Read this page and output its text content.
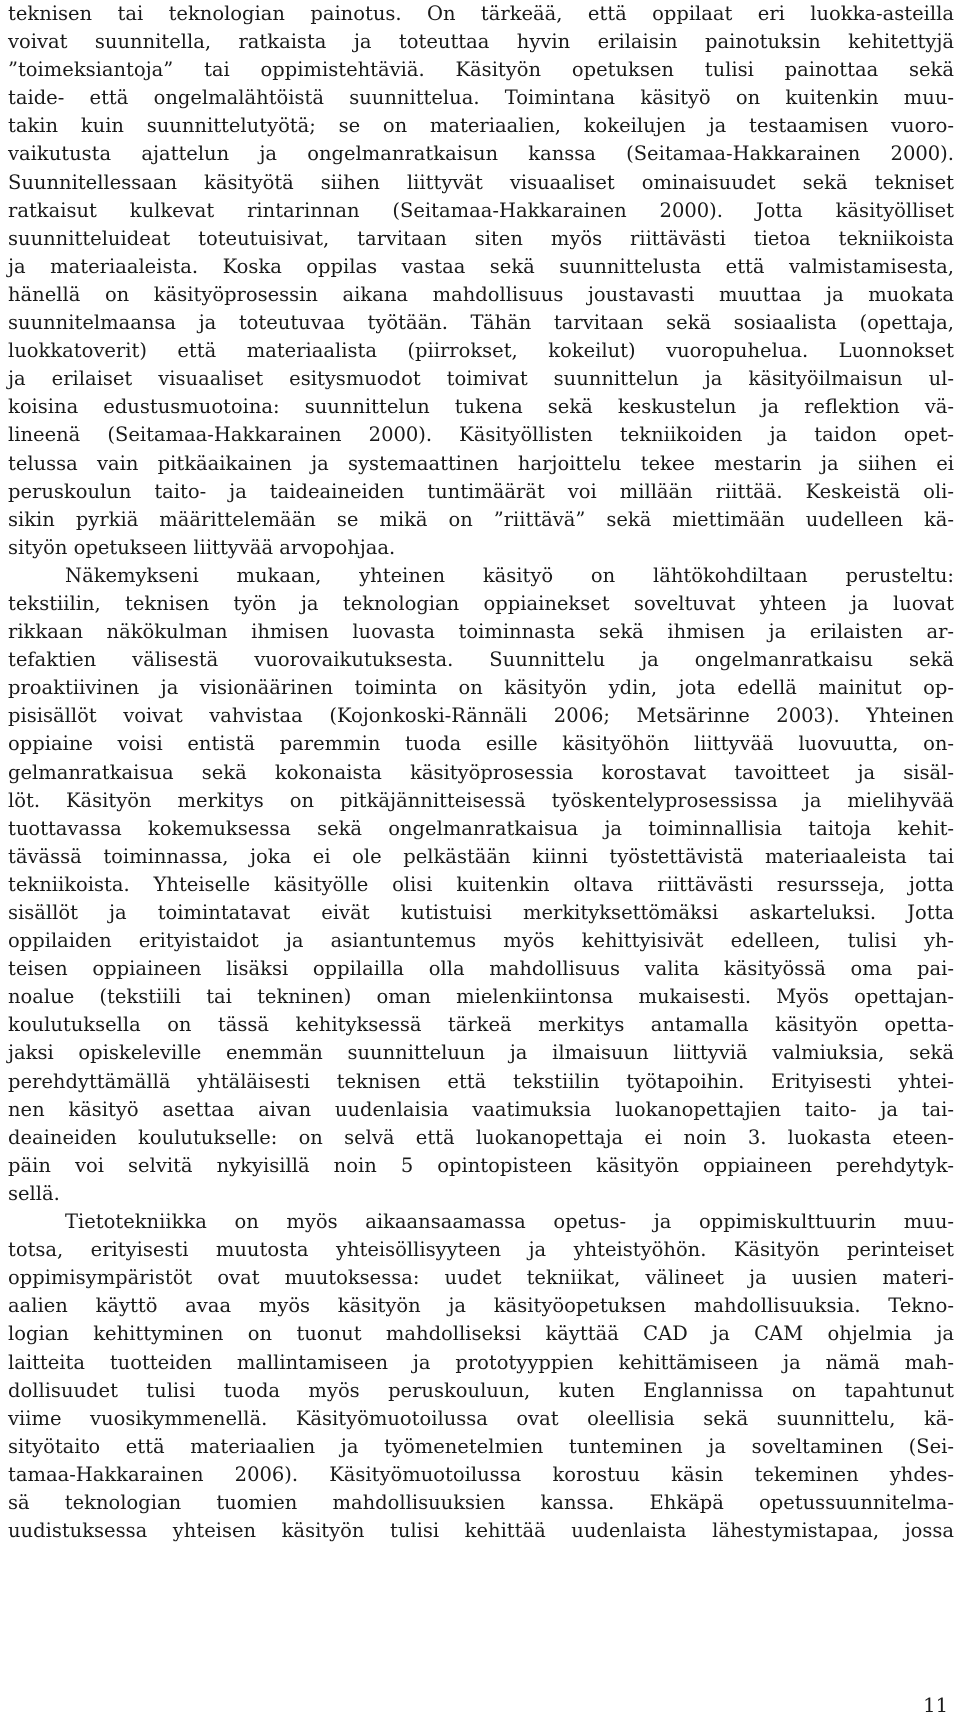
teknisen tai teknologian painotus. On tärkeää, että oppilaat eri luokka-asteilla
voivat suunnitella, ratkaista ja toteuttaa hyvin erilaisin painotuksin kehitettyjä
”toimeksiantoja” tai oppimistehtäviä. Käsityön opetuksen tulisi painottaa sekä
taide- että ongelmalähtöistä suunnittelua. Toimintana käsityö on kuitenkin muu-
takin kuin suunnittelutyötä; se on materiaalien, kokeilujen ja testaamisen vuoro-
vaikutusta ajattelun ja ongelmanratkaisun kanssa (Seitamaa-Hakkarainen 2000).
Suunnitellessaan käsityötä siihen liittyvät visuaaliset ominaisuudet sekä tekniset
ratkaisut kulkevat rintarinnan (Seitamaa-Hakkarainen 2000). Jotta käsityölliset
suunnitteluideat toteutuisivat, tarvitaan siten myös riittävästi tietoa tekniikoista
ja materiaaleista. Koska oppilas vastaa sekä suunnittelusta että valmistamisesta,
hänellä on käsityöprosessin aikana mahdollisuus joustavasti muuttaa ja muokata
suunnitelmaansa ja toteutuvaa työtään. Tähän tarvitaan sekä sosiaalista (opettaja,
luokkatoverit) että materiaalista (piirrokset, kokeilut) vuoropuhelua. Luonnokset
ja erilaiset visuaaliset esitysmuodot toimivat suunnittelun ja käsityöilmaisun ul-
koisina edustusmuotoina: suunnittelun tukena sekä keskustelun ja reflektion vä-
lineenä (Seitamaa-Hakkarainen 2000). Käsityöllisten tekniikoiden ja taidon opet-
telussa vain pitkäaikainen ja systemaattinen harjoittelu tekee mestarin ja siihen ei
peruskoulun taito- ja taideaineiden tuntimäärät voi millään riittää. Keskeistä oli-
sikin pyrkiä määrittelemään se mikä on ”riittävä” sekä miettimään uudelleen kä-
sityön opetukseen liittyvää arvopohjaa.
Näkemykseni mukaan, yhteinen käsityö on lähtökohdiltaan perusteltu:
tekstiilin, teknisen työn ja teknologian oppiainekset soveltuvat yhteen ja luovat
rikkaan näkökulman ihmisen luovasta toiminnasta sekä ihmisen ja erilaisten ar-
tefaktien välisestä vuorovaikutuksesta. Suunnittelu ja ongelmanratkaisu sekä
proaktiivinen ja visionäärinen toiminta on käsityön ydin, jota edellä mainitut op-
pisisällöt voivat vahvistaa (Kojonkoski-Rännäli 2006; Metsärinne 2003). Yhteinen
oppiaine voisi entistä paremmin tuoda esille käsityöhön liittyvää luovuutta, on-
gelmanratkaisua sekä kokonaista käsityöprosessia korostavat tavoitteet ja sisäl-
löt. Käsityön merkitys on pitkäjännitteisessä työskentelyprosessissa ja mielihyvää
tuottavassa kokemuksessa sekä ongelmanratkaisua ja toiminnallisia taitoja kehit-
tävässä toiminnassa, joka ei ole pelkästään kiinni työstettävistä materiaaleista tai
tekniikoista. Yhteiselle käsityölle olisi kuitenkin oltava riittävästi resursseja, jotta
sisällöt ja toimintatavat eivät kutistuisi merkityksettömäksi askarteluksi. Jotta
oppilaiden erityistaidot ja asiantuntemus myös kehittyisivät edelleen, tulisi yh-
teisen oppiaineen lisäksi oppilailla olla mahdollisuus valita käsityössä oma pai-
noalue (tekstiili tai tekninen) oman mielenkiintonsa mukaisesti. Myös opettajan-
koulutuksella on tässä kehityksessä tärkeä merkitys antamalla käsityön opetta-
jaksi opiskeleville enemmän suunnitteluun ja ilmaisuun liittyviä valmiuksia, sekä
perehdyttämällä yhtäläisesti teknisen että tekstiilin työtapoihin. Erityisesti yhtei-
nen käsityö asettaa aivan uudenlaisia vaatimuksia luokanopettajien taito- ja tai-
deaineiden koulutukselle: on selvä että luokanopettaja ei noin 3. luokasta eteen-
päin voi selvitä nykyisillä noin 5 opintopisteen käsityön oppiaineen perehdytyk-
sellä.
Tietotekniikka on myös aikaansaamassa opetus- ja oppimiskulttuurin muu-
totsa, erityisesti muutosta yhteisöllisyyteen ja yhteistyöhön. Käsityön perinteiset
oppimisympäristöt ovat muutoksessa: uudet tekniikat, välineet ja uusien materi-
aalien käyttö avaa myös käsityön ja käsityöopetuksen mahdollisuuksia. Tekno-
logian kehittyminen on tuonut mahdolliseksi käyttää CAD ja CAM ohjelmia ja
laitteita tuotteiden mallintamiseen ja prototyyppien kehittämiseen ja nämä mah-
dollisuudet tulisi tuoda myös peruskouluun, kuten Englannissa on tapahtunut
viime vuosikymmenellä. Käsityömuotoilussa ovat oleellisia sekä suunnittelu, kä-
sityötaito että materiaalien ja työmenetelmien tunteminen ja soveltaminen (Sei-
tamaa-Hakkarainen 2006). Käsityömuotoilussa korostuu käsin tekeminen yhdes-
sä teknologian tuomien mahdollisuuksien kanssa. Ehkäpä opetussuunnitelma-
uudistuksessa yhteisen käsityön tulisi kehittää uudenlaista lähestymistapaa, jossa
11
